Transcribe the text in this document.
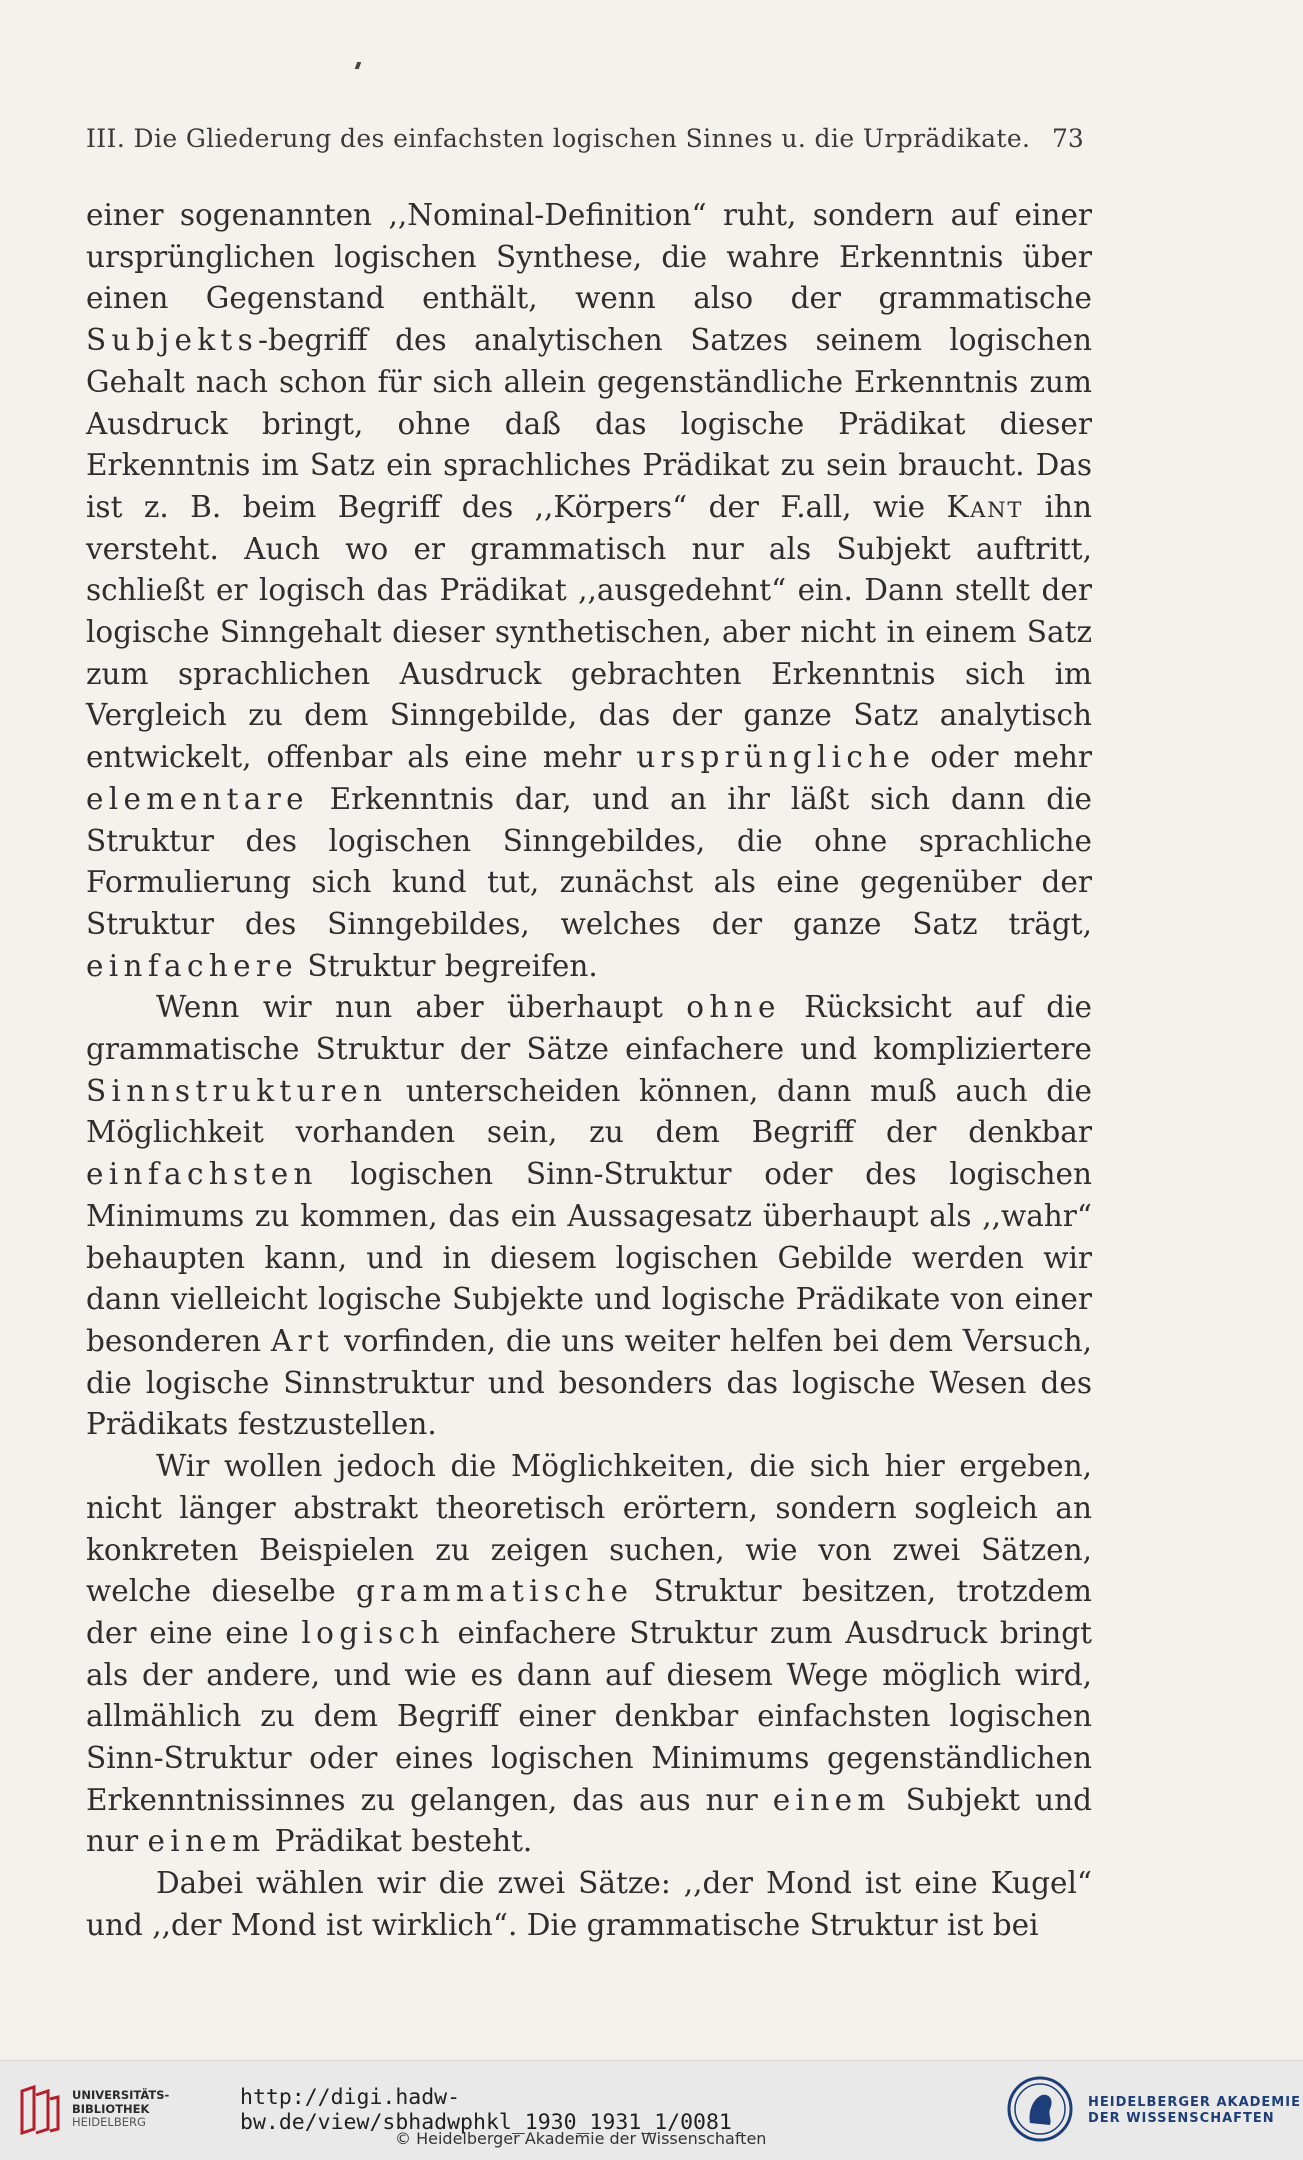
III. Die Gliederung des einfachsten logischen Sinnes u. die Urprädikate. 73

einer sogenannten ,,Nominal-Definition“ ruht, sondern auf einer ursprünglichen logischen Synthese, die wahre Erkenntnis über einen Gegenstand enthält, wenn also der grammatische Subjekts-begriff des analytischen Satzes seinem logischen Gehalt nach schon für sich allein gegenständliche Erkenntnis zum Ausdruck bringt, ohne daß das logische Prädikat dieser Erkenntnis im Satz ein sprachliches Prädikat zu sein braucht. Das ist z. B. beim Begriff des ,,Körpers“ der F.all, wie Kant ihn versteht. Auch wo er grammatisch nur als Subjekt auftritt, schließt er logisch das Prädikat ,,ausgedehnt“ ein. Dann stellt der logische Sinngehalt dieser synthetischen, aber nicht in einem Satz zum sprachlichen Ausdruck gebrachten Erkenntnis sich im Vergleich zu dem Sinngebilde, das der ganze Satz analytisch entwickelt, offenbar als eine mehr ursprüngliche oder mehr elementare Erkenntnis dar, und an ihr läßt sich dann die Struktur des logischen Sinngebildes, die ohne sprachliche Formulierung sich kund tut, zunächst als eine gegenüber der Struktur des Sinngebildes, welches der ganze Satz trägt, einfachere Struktur begreifen.

Wenn wir nun aber überhaupt ohne Rücksicht auf die grammatische Struktur der Sätze einfachere und kompliziertere Sinnstrukturen unterscheiden können, dann muß auch die Möglichkeit vorhanden sein, zu dem Begriff der denkbar einfachsten logischen Sinn-Struktur oder des logischen Minimums zu kommen, das ein Aussagesatz überhaupt als ,,wahr“ behaupten kann, und in diesem logischen Gebilde werden wir dann vielleicht logische Subjekte und logische Prädikate von einer besonderen Art vorfinden, die uns weiter helfen bei dem Versuch, die logische Sinnstruktur und besonders das logische Wesen des Prädikats festzustellen.

Wir wollen jedoch die Möglichkeiten, die sich hier ergeben, nicht länger abstrakt theoretisch erörtern, sondern sogleich an konkreten Beispielen zu zeigen suchen, wie von zwei Sätzen, welche dieselbe grammatische Struktur besitzen, trotzdem der eine eine logisch einfachere Struktur zum Ausdruck bringt als der andere, und wie es dann auf diesem Wege möglich wird, allmählich zu dem Begriff einer denkbar einfachsten logischen Sinn-Struktur oder eines logischen Minimums gegenständlichen Erkenntnissinnes zu gelangen, das aus nur einem Subjekt und nur einem Prädikat besteht.

Dabei wählen wir die zwei Sätze: ,,der Mond ist eine Kugel“ und ,,der Mond ist wirklich“. Die grammatische Struktur ist bei

UNIVERSITÄTS-
BIBLIOTHEK
HEIDELBERG
http://digi.hadw-bw.de/view/sbhadwphkl_1930_1931_1/0081
© Heidelberger Akademie der Wissenschaften
HEIDELBERGER AKADEMIE
DER WISSENSCHAFTEN
